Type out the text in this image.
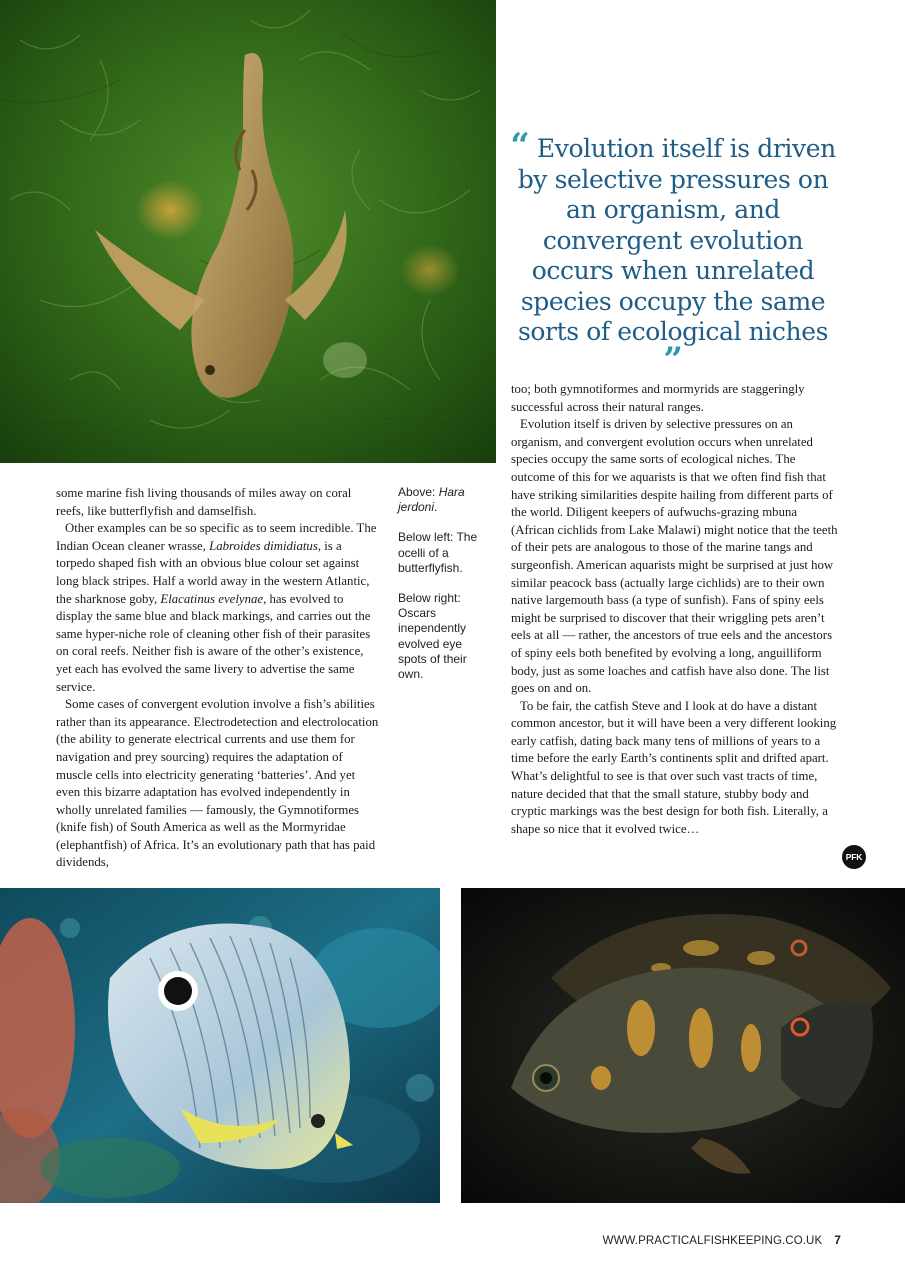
“ Evolution itself is driven by selective pressures on an organism, and convergent evolution occurs when unrelated species occupy the same sorts of ecological niches ”

some marine fish living thousands of miles away on coral reefs, like butterflyfish and damselfish.

Other examples can be so specific as to seem incredible. The Indian Ocean cleaner wrasse, Labroides dimidiatus, is a torpedo shaped fish with an obvious blue colour set against long black stripes. Half a world away in the western Atlantic, the sharknose goby, Elacatinus evelynae, has evolved to display the same blue and black markings, and carries out the same hyper-niche role of cleaning other fish of their parasites on coral reefs. Neither fish is aware of the other’s existence, yet each has evolved the same livery to advertise the same service.

Some cases of convergent evolution involve a fish’s abilities rather than its appearance. Electrodetection and electrolocation (the ability to generate electrical currents and use them for navigation and prey sourcing) requires the adaptation of muscle cells into electricity generating ‘batteries’. And yet even this bizarre adaptation has evolved independently in wholly unrelated families — famously, the Gymnotiformes (knife fish) of South America as well as the Mormyridae (elephantfish) of Africa. It’s an evolutionary path that has paid dividends,

Above: Hara jerdoni.

Below left: The ocelli of a butterflyfish.

Below right: Oscars inependently evolved eye spots of their own.

too; both gymnotiformes and mormyrids are staggeringly successful across their natural ranges.

Evolution itself is driven by selective pressures on an organism, and convergent evolution occurs when unrelated species occupy the same sorts of ecological niches. The outcome of this for we aquarists is that we often find fish that have striking similarities despite hailing from different parts of the world. Diligent keepers of aufwuchs-grazing mbuna (African cichlids from Lake Malawi) might notice that the teeth of their pets are analogous to those of the marine tangs and surgeonfish. American aquarists might be surprised at just how similar peacock bass (actually large cichlids) are to their own native largemouth bass (a type of sunfish). Fans of spiny eels might be surprised to discover that their wriggling pets aren’t eels at all — rather, the ancestors of true eels and the ancestors of spiny eels both benefited by evolving a long, anguilliform body, just as some loaches and catfish have also done. The list goes on and on.

To be fair, the catfish Steve and I look at do have a distant common ancestor, but it will have been a very different looking early catfish, dating back many tens of millions of years to a time before the early Earth’s continents split and drifted apart. What’s delightful to see is that over such vast tracts of time, nature decided that that the small stature, stubby body and cryptic markings was the best design for both fish. Literally, a shape so nice that it evolved twice…

PFK
WWW.PRACTICALFISHKEEPING.CO.UK 7
